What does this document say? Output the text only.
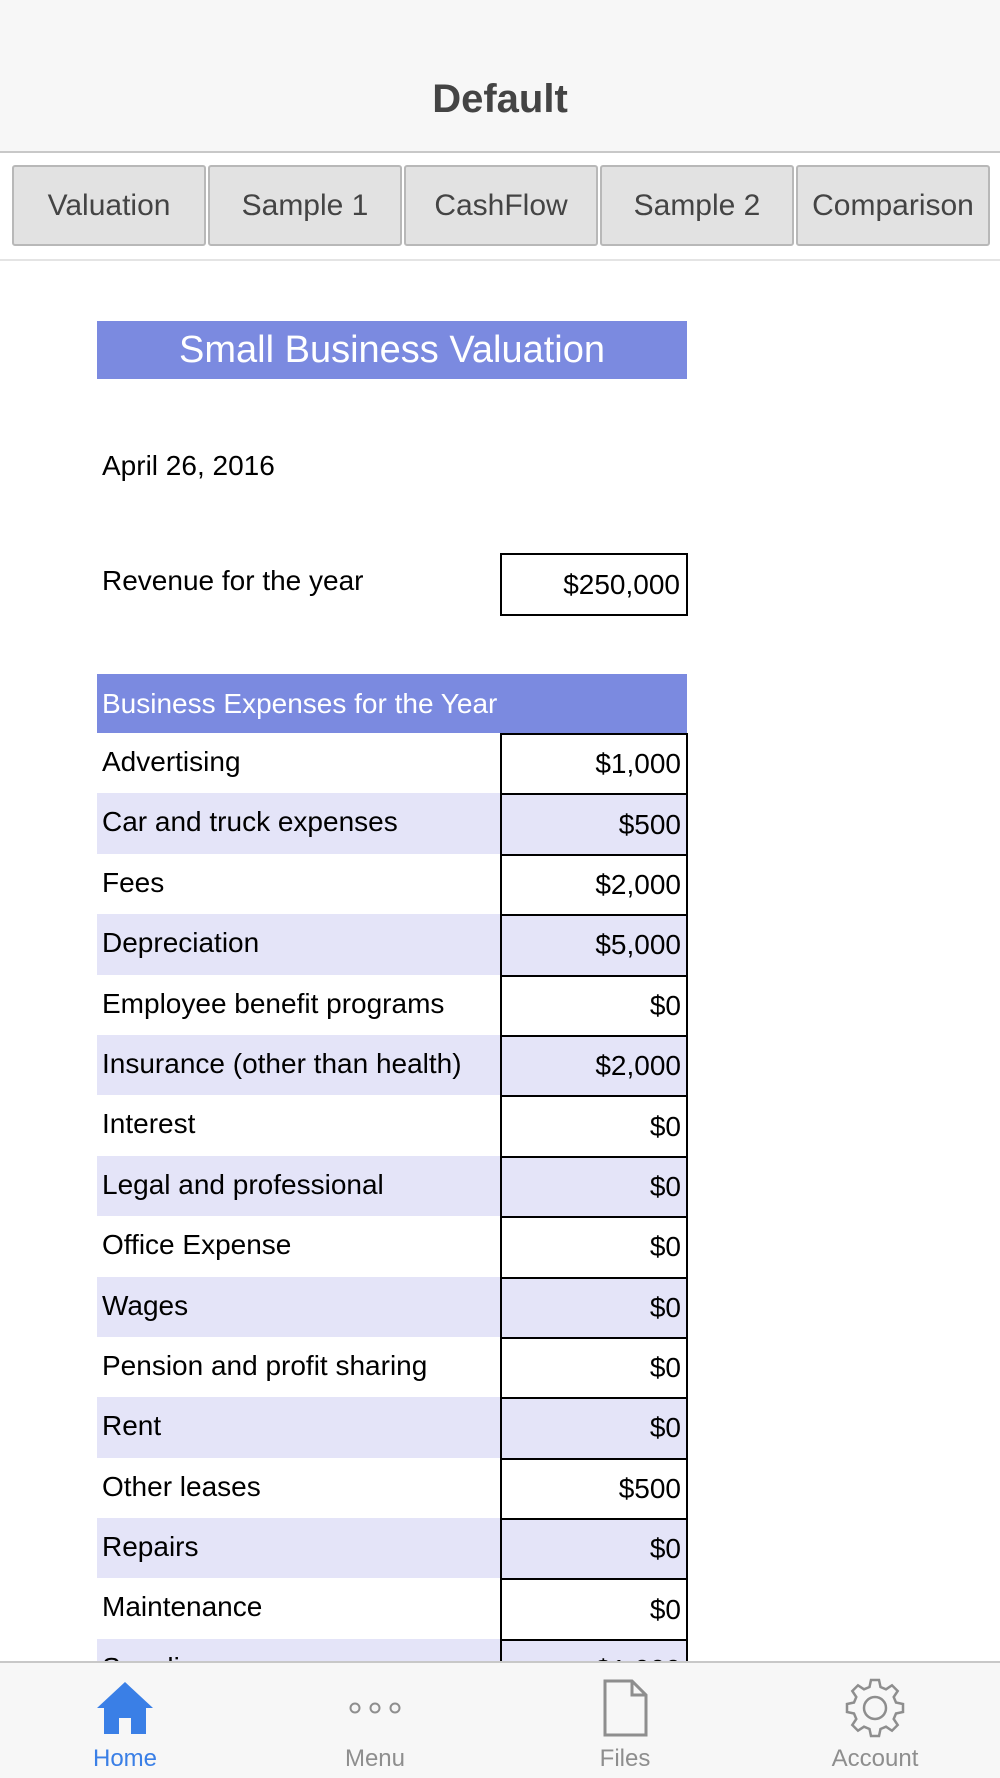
Default
Valuation	Sample 1	CashFlow	Sample 2	Comparison
Small Business Valuation
April 26, 2016
Revenue for the year	$250,000
Business Expenses for the Year
Advertising	$1,000
Car and truck expenses	$500
Fees	$2,000
Depreciation	$5,000
Employee benefit programs	$0
Insurance (other than health)	$2,000
Interest	$0
Legal and professional	$0
Office Expense	$0
Wages	$0
Pension and profit sharing	$0
Rent	$0
Other leases	$500
Repairs	$0
Maintenance	$0
Home	Menu	Files	Account
